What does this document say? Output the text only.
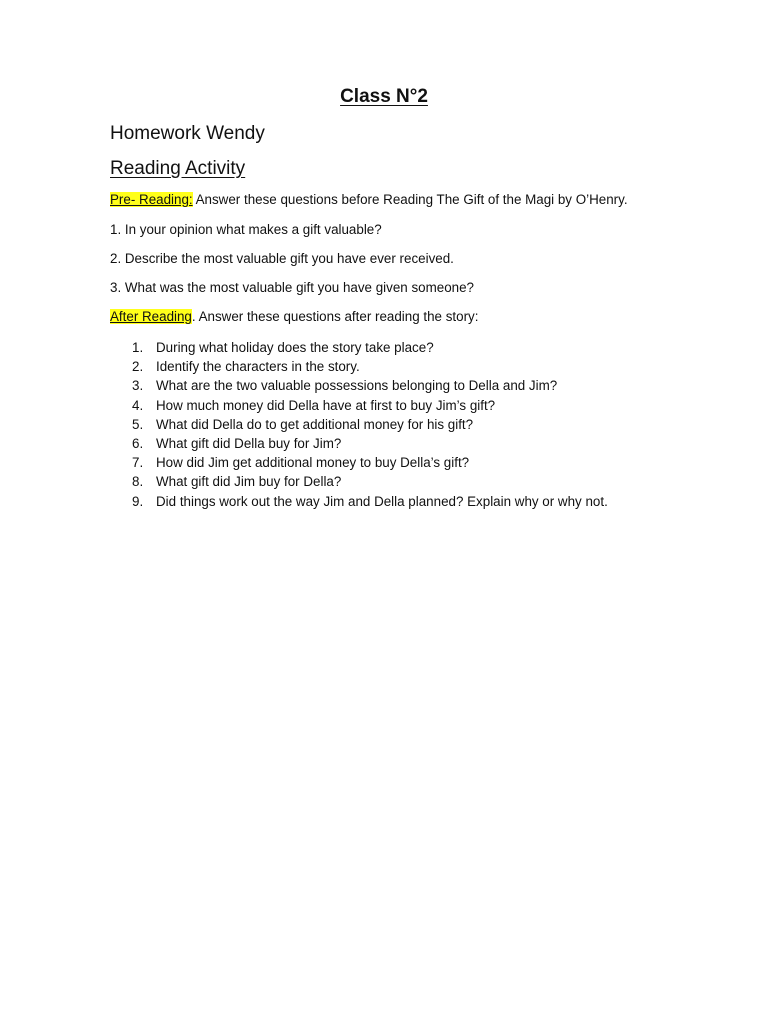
Class N°2
Homework Wendy
Reading Activity
Pre- Reading: Answer these questions before Reading The Gift of the Magi by O’Henry.
1. In your opinion what makes a gift valuable?
2. Describe the most valuable gift you have ever received.
3. What was the most valuable gift you have given someone?
After Reading. Answer these questions after reading the story:
1. During what holiday does the story take place?
2. Identify the characters in the story.
3. What are the two valuable possessions belonging to Della and Jim?
4. How much money did Della have at first to buy Jim’s gift?
5. What did Della do to get additional money for his gift?
6. What gift did Della buy for Jim?
7. How did Jim get additional money to buy Della’s gift?
8. What gift did Jim buy for Della?
9. Did things work out the way Jim and Della planned? Explain why or why not.
